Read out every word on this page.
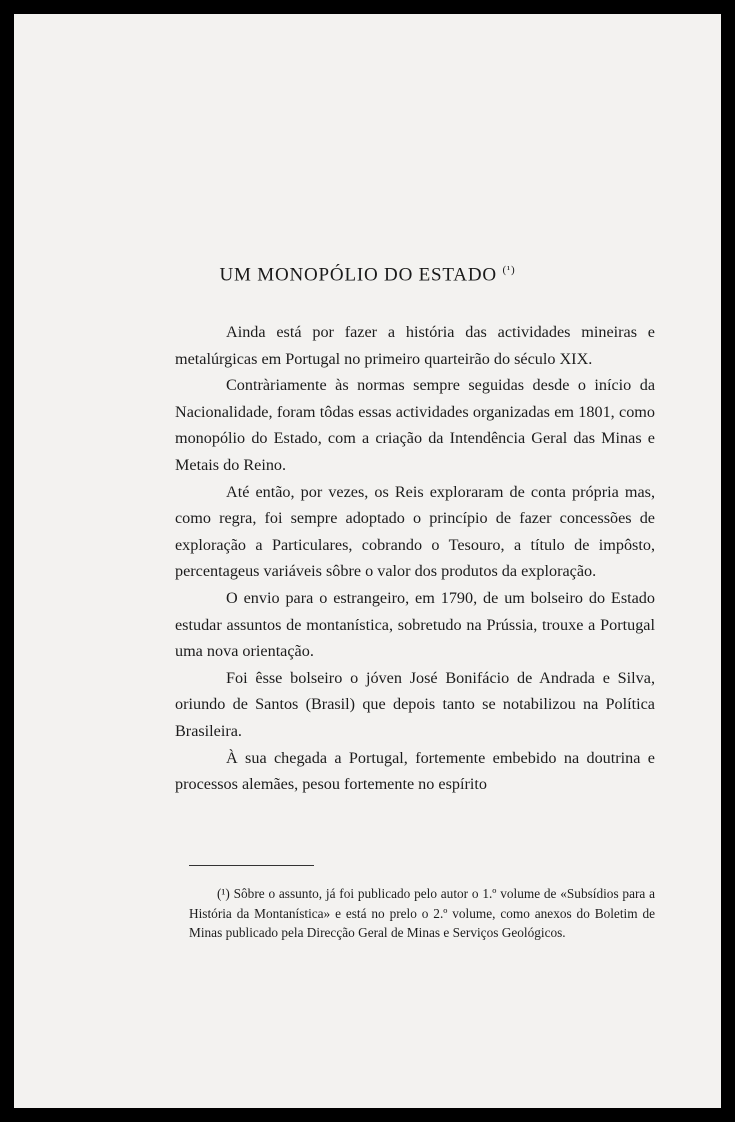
UM MONOPÓLIO DO ESTADO $^{(^1)}$

Ainda está por fazer a história das actividades mineiras e metalúrgicas em Portugal no primeiro quarteirão do século XIX.

Contràriamente às normas sempre seguidas desde o início da Nacionalidade, foram tôdas essas actividades organizadas em 1801, como monopólio do Estado, com a criação da Intendência Geral das Minas e Metais do Reino.

Até então, por vezes, os Reis exploraram de conta própria mas, como regra, foi sempre adoptado o princípio de fazer concessões de exploração a Particulares, cobrando o Tesouro, a título de impôsto, percentageus variáveis sôbre o valor dos produtos da exploração.

O envio para o estrangeiro, em 1790, de um bolseiro do Estado estudar assuntos de montanística, sobretudo na Prússia, trouxe a Portugal uma nova orientação.

Foi êsse bolseiro o jóven José Bonifácio de Andrada e Silva, oriundo de Santos (Brasil) que depois tanto se notabilizou na Política Brasileira.

À sua chegada a Portugal, fortemente embebido na doutrina e processos alemães, pesou fortemente no espírito

(¹) Sôbre o assunto, já foi publicado pelo autor o 1.º volume de «Subsídios para a História da Montanística» e está no prelo o 2.º volume, como anexos do Boletim de Minas publicado pela Direcção Geral de Minas e Serviços Geológicos.
